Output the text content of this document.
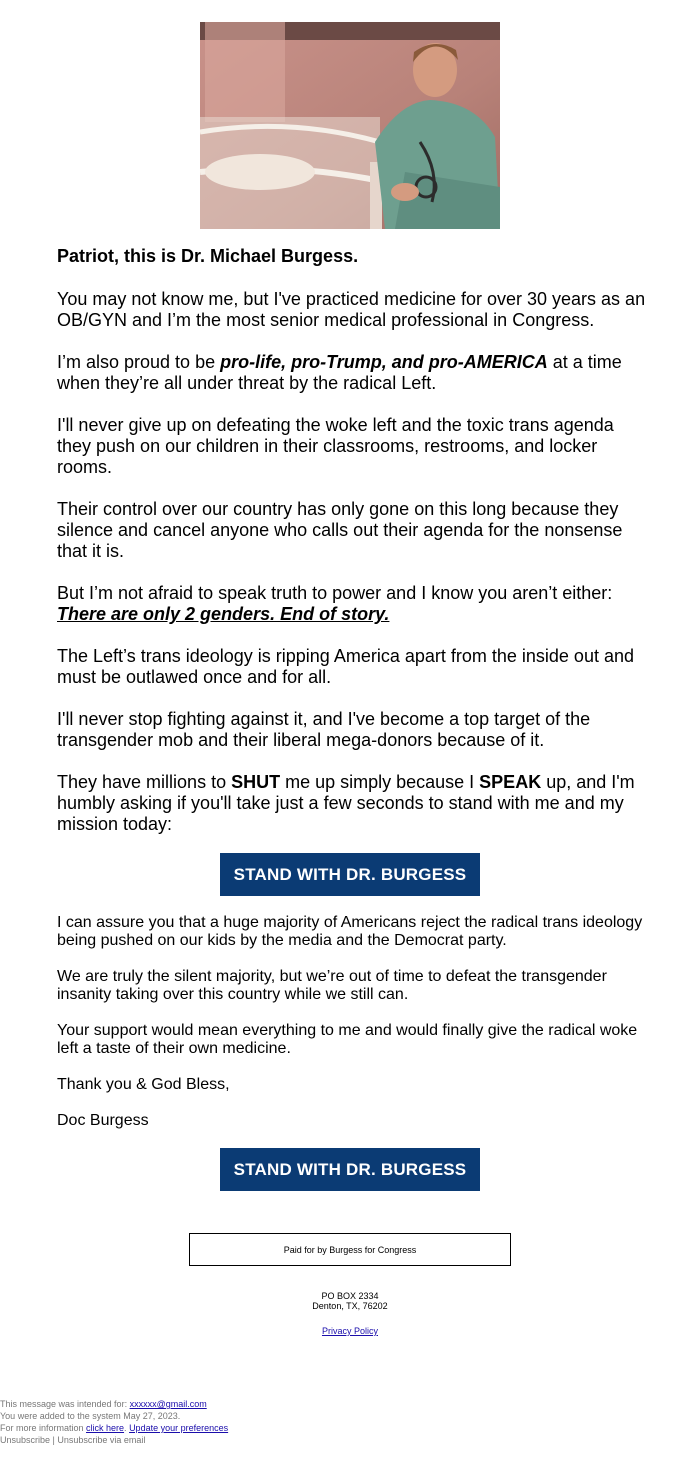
Patriot, this is Dr. Michael Burgess.

You may not know me, but I've practiced medicine for over 30 years as an OB/GYN and I’m the most senior medical professional in Congress.

I’m also proud to be pro-life, pro-Trump, and pro-AMERICA at a time when they’re all under threat by the radical Left.

I'll never give up on defeating the woke left and the toxic trans agenda they push on our children in their classrooms, restrooms, and locker rooms.

Their control over our country has only gone on this long because they silence and cancel anyone who calls out their agenda for the nonsense that it is.

But I’m not afraid to speak truth to power and I know you aren’t either:
There are only 2 genders. End of story.

The Left’s trans ideology is ripping America apart from the inside out and must be outlawed once and for all.

I'll never stop fighting against it, and I've become a top target of the transgender mob and their liberal mega-donors because of it.

They have millions to SHUT me up simply because I SPEAK up, and I'm humbly asking if you'll take just a few seconds to stand with me and my mission today:

STAND WITH DR. BURGESS

I can assure you that a huge majority of Americans reject the radical trans ideology being pushed on our kids by the media and the Democrat party.

We are truly the silent majority, but we’re out of time to defeat the transgender insanity taking over this country while we still can.

Your support would mean everything to me and would finally give the radical woke left a taste of their own medicine.

Thank you & God Bless,

Doc Burgess

STAND WITH DR. BURGESS
Paid for by Burgess for Congress
PO BOX 2334
Denton, TX, 76202
Privacy Policy
This message was intended for: xxxxxx@gmail.com
You were added to the system May 27, 2023.
For more information click here. Update your preferences
Unsubscribe | Unsubscribe via email
